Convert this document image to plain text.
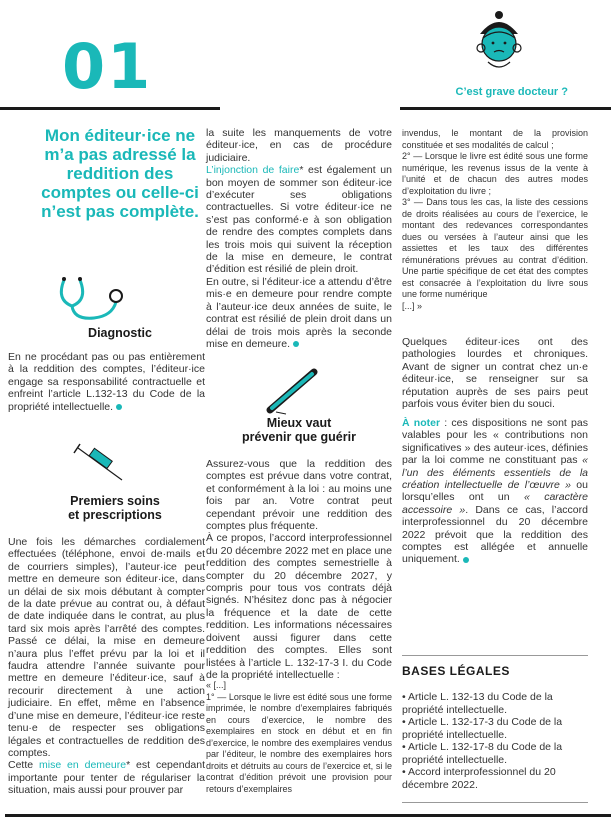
01	C’est grave docteur ?
Mon éditeur·ice ne m’a pas adressé la reddition des comptes ou celle-ci n’est pas complète.
Diagnostic
En ne procédant pas ou pas entièrement à la reddition des comptes, l’éditeur·ice engage sa responsabilité contractuelle et enfreint l’article L.132-13 du Code de la propriété intellectuelle.
Premiers soins
et prescriptions

Une fois les démarches cordialement effectuées (téléphone, envoi de·mails et de courriers simples), l’auteur·ice peut mettre en demeure son éditeur·ice, dans un délai de six mois débutant à compter de la date prévue au contrat ou, à défaut de date indiquée dans le contrat, au plus tard six mois après l’arrêté des comptes. Passé ce délai, la mise en demeure n’aura plus l’effet prévu par la loi et il faudra attendre l’année suivante pour mettre en demeure l’éditeur·ice, sauf à recourir directement à une action judiciaire. En effet, même en l’absence d’une mise en demeure, l’éditeur·ice reste tenu·e de respecter ses obligations légales et contractuelles de reddition des comptes.

Cette mise en demeure* est cependant importante pour tenter de régulariser la situation, mais aussi pour prouver par

la suite les manquements de votre éditeur·ice, en cas de procédure judiciaire.

L’injonction de faire* est également un bon moyen de sommer son éditeur·ice d’exécuter ses obligations contractuelles. Si votre éditeur·ice ne s’est pas conformé·e à son obligation de rendre des comptes complets dans les trois mois qui suivent la réception de la mise en demeure, le contrat d’édition est résilié de plein droit.

En outre, si l’éditeur·ice a attendu d’être mis·e en demeure pour rendre compte à l’auteur·ice deux années de suite, le contrat est résilié de plein droit dans un délai de trois mois après la seconde mise en demeure.

Mieux vaut
prévenir que guérir

Assurez-vous que la reddition des comptes est prévue dans votre contrat, et conformément à la loi : au moins une fois par an. Votre contrat peut cependant prévoir une reddition des comptes plus fréquente.

À ce propos, l’accord interprofessionnel du 20 décembre 2022 met en place une reddition des comptes semestrielle à compter du 20 décembre 2027, y compris pour tous vos contrats déjà signés. N’hésitez donc pas à négocier la fréquence et la date de cette reddition. Les informations nécessaires doivent aussi figurer dans cette reddition des comptes. Elles sont listées à l’article L. 132-17-3 I. du Code de la propriété intellectuelle :

« [...]

1° — Lorsque le livre est édité sous une forme imprimée, le nombre d’exemplaires fabriqués en cours d’exercice, le nombre des exemplaires en stock en début et en fin d’exercice, le nombre des exemplaires vendus par l’éditeur, le nombre des exemplaires hors droits et détruits au cours de l’exercice et, si le contrat d’édition prévoit une provision pour retours d’exemplaires

invendus, le montant de la provision constituée et ses modalités de calcul ;

2° — Lorsque le livre est édité sous une forme numérique, les revenus issus de la vente à l’unité et de chacun des autres modes d’exploitation du livre ;

3° — Dans tous les cas, la liste des cessions de droits réalisées au cours de l’exercice, le montant des redevances correspondantes dues ou versées à l’auteur ainsi que les assiettes et les taux des différentes rémunérations prévues au contrat d’édition. Une partie spécifique de cet état des comptes est consacrée à l’exploitation du livre sous une forme numérique

[...] »

Quelques éditeur·ices ont des pathologies lourdes et chroniques. Avant de signer un contrat chez un·e éditeur·ice, se renseigner sur sa réputation auprès de ses pairs peut parfois vous éviter bien du souci.

À noter : ces dispositions ne sont pas valables pour les « contributions non significatives » des auteur·ices, définies par la loi comme ne constituant pas « l’un des éléments essentiels de la création intellectuelle de l’œuvre » ou lorsqu’elles ont un « caractère accessoire ». Dans ce cas, l’accord interprofessionnel du 20 décembre 2022 prévoit que la reddition des comptes est allégée et annuelle uniquement.
BASES LÉGALES
• Article L. 132-13 du Code de la propriété intellectuelle.
• Article L. 132-17-3 du Code de la propriété intellectuelle.
• Article L. 132-17-8 du Code de la propriété intellectuelle.
• Accord interprofessionnel du 20 décembre 2022.
